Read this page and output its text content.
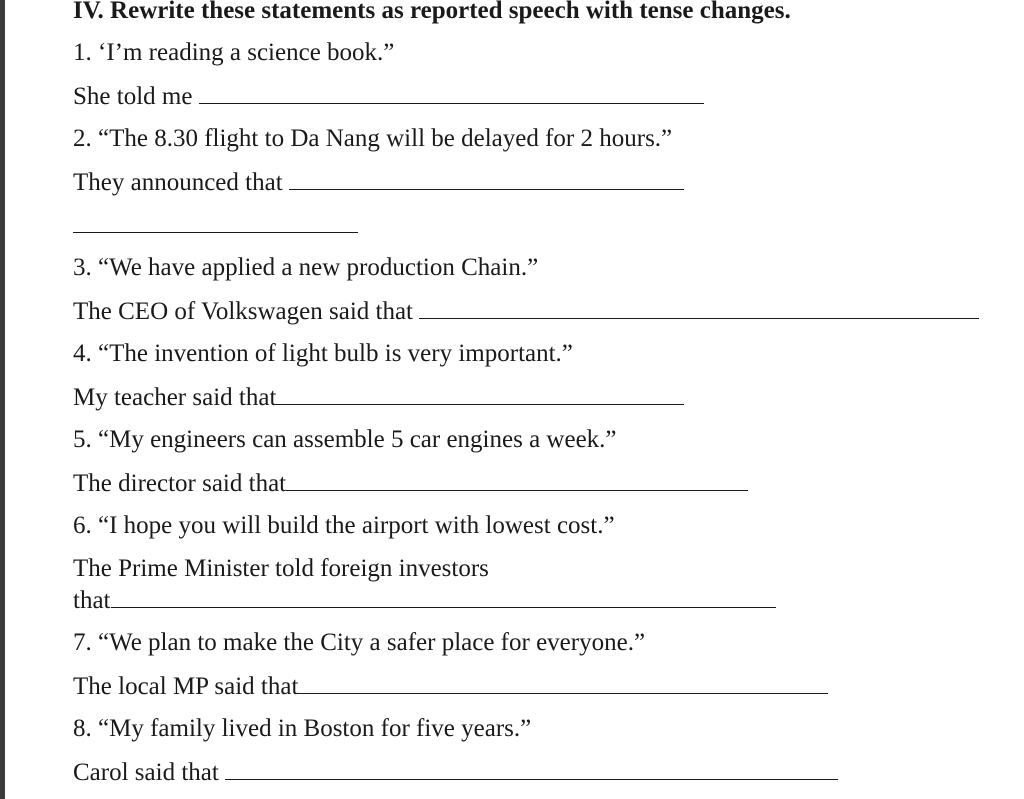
IV. Rewrite these statements as reported speech with tense changes.
1. ‘I’m reading a science book.”
She told me
2. “The 8.30 flight to Da Nang will be delayed for 2 hours.”
They announced that
3. “We have applied a new production Chain.”
The CEO of Volkswagen said that
4. “The invention of light bulb is very important.”
My teacher said that
5. “My engineers can assemble 5 car engines a week.”
The director said that
6. “I hope you will build the airport with lowest cost.”
The Prime Minister told foreign investors
that
7. “We plan to make the City a safer place for everyone.”
The local MP said that
8. “My family lived in Boston for five years.”
Carol said that
